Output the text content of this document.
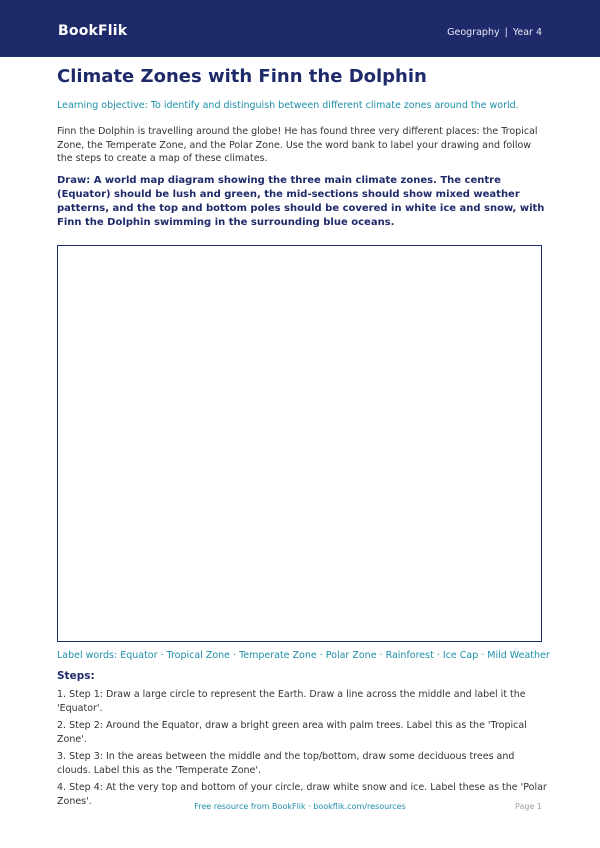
BookFlik	Geography | Year 4
Climate Zones with Finn the Dolphin
Learning objective: To identify and distinguish between different climate zones around the world.
Finn the Dolphin is travelling around the globe! He has found three very different places: the Tropical Zone, the Temperate Zone, and the Polar Zone. Use the word bank to label your drawing and follow the steps to create a map of these climates.
Draw: A world map diagram showing the three main climate zones. The centre (Equator) should be lush and green, the mid-sections should show mixed weather patterns, and the top and bottom poles should be covered in white ice and snow, with Finn the Dolphin swimming in the surrounding blue oceans.
Label words: Equator · Tropical Zone · Temperate Zone · Polar Zone · Rainforest · Ice Cap · Mild Weather
Steps:
1. Step 1: Draw a large circle to represent the Earth. Draw a line across the middle and label it the 'Equator'.
2. Step 2: Around the Equator, draw a bright green area with palm trees. Label this as the 'Tropical Zone'.
3. Step 3: In the areas between the middle and the top/bottom, draw some deciduous trees and clouds. Label this as the 'Temperate Zone'.
4. Step 4: At the very top and bottom of your circle, draw white snow and ice. Label these as the 'Polar Zones'.	Free resource from BookFlik · bookflik.com/resources	Page 1
